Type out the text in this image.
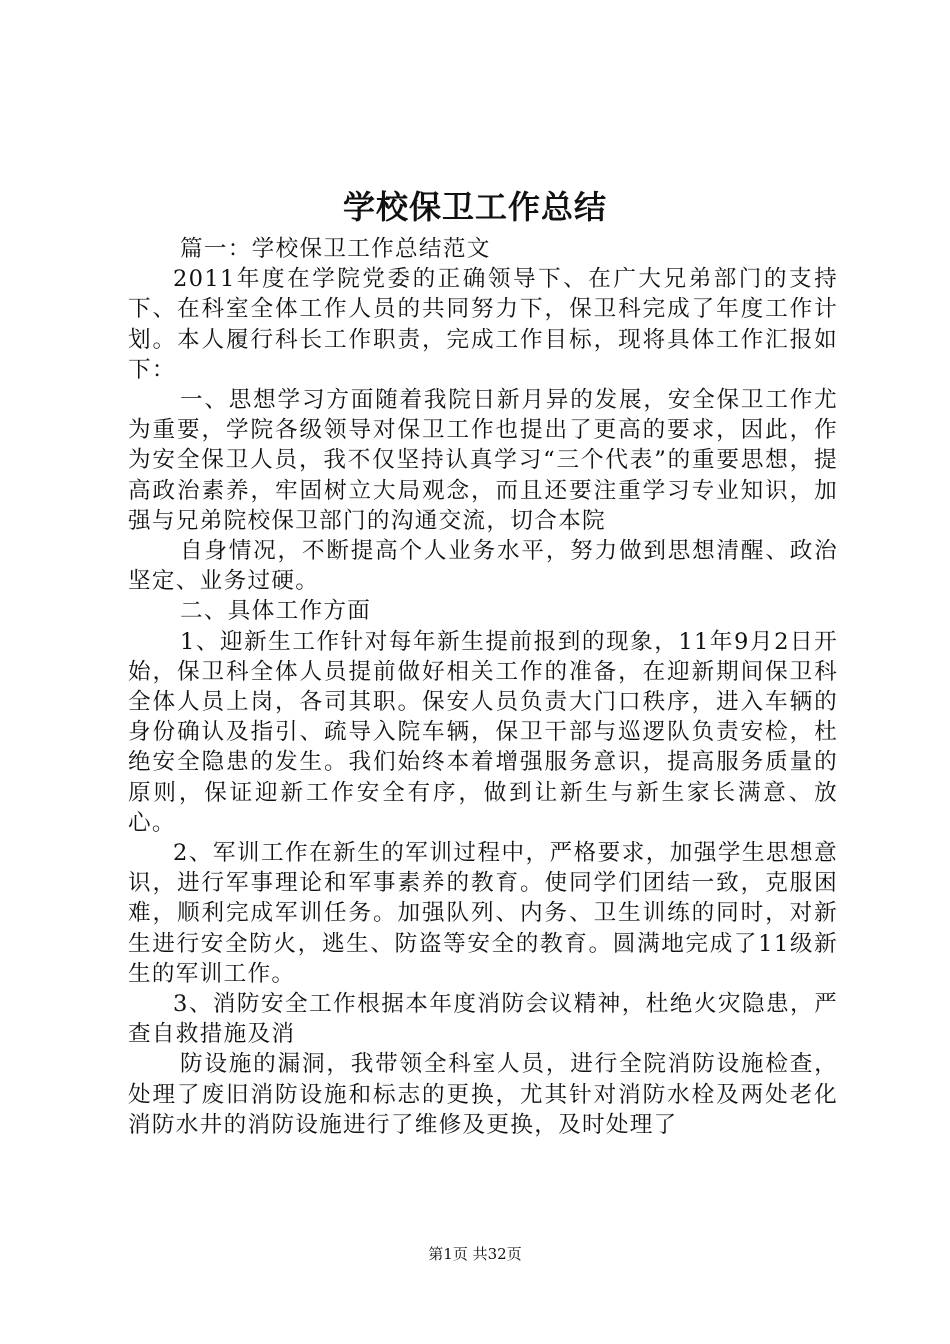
学校保卫工作总结

篇一：学校保卫工作总结范文

2011年度在学院党委的正确领导下、在广大兄弟部门的支持下、在科室全体工作人员的共同努力下，保卫科完成了年度工作计划。本人履行科长工作职责，完成工作目标，现将具体工作汇报如下：

一、思想学习方面随着我院日新月异的发展，安全保卫工作尤为重要，学院各级领导对保卫工作也提出了更高的要求，因此，作为安全保卫人员，我不仅坚持认真学习“三个代表”的重要思想，提高政治素养，牢固树立大局观念，而且还要注重学习专业知识，加强与兄弟院校保卫部门的沟通交流，切合本院

自身情况，不断提高个人业务水平，努力做到思想清醒、政治坚定、业务过硬。

二、具体工作方面

1、迎新生工作针对每年新生提前报到的现象，11年9月2日开始，保卫科全体人员提前做好相关工作的准备，在迎新期间保卫科全体人员上岗，各司其职。保安人员负责大门口秩序，进入车辆的身份确认及指引、疏导入院车辆，保卫干部与巡逻队负责安检，杜绝安全隐患的发生。我们始终本着增强服务意识，提高服务质量的原则，保证迎新工作安全有序，做到让新生与新生家长满意、放心。

2、军训工作在新生的军训过程中，严格要求，加强学生思想意识，进行军事理论和军事素养的教育。使同学们团结一致，克服困难，顺利完成军训任务。加强队列、内务、卫生训练的同时，对新生进行安全防火，逃生、防盗等安全的教育。圆满地完成了11级新生的军训工作。

3、消防安全工作根据本年度消防会议精神，杜绝火灾隐患，严查自救措施及消

防设施的漏洞，我带领全科室人员，进行全院消防设施检查，处理了废旧消防设施和标志的更换，尤其针对消防水栓及两处老化消防水井的消防设施进行了维修及更换，及时处理了

第1页 共32页
